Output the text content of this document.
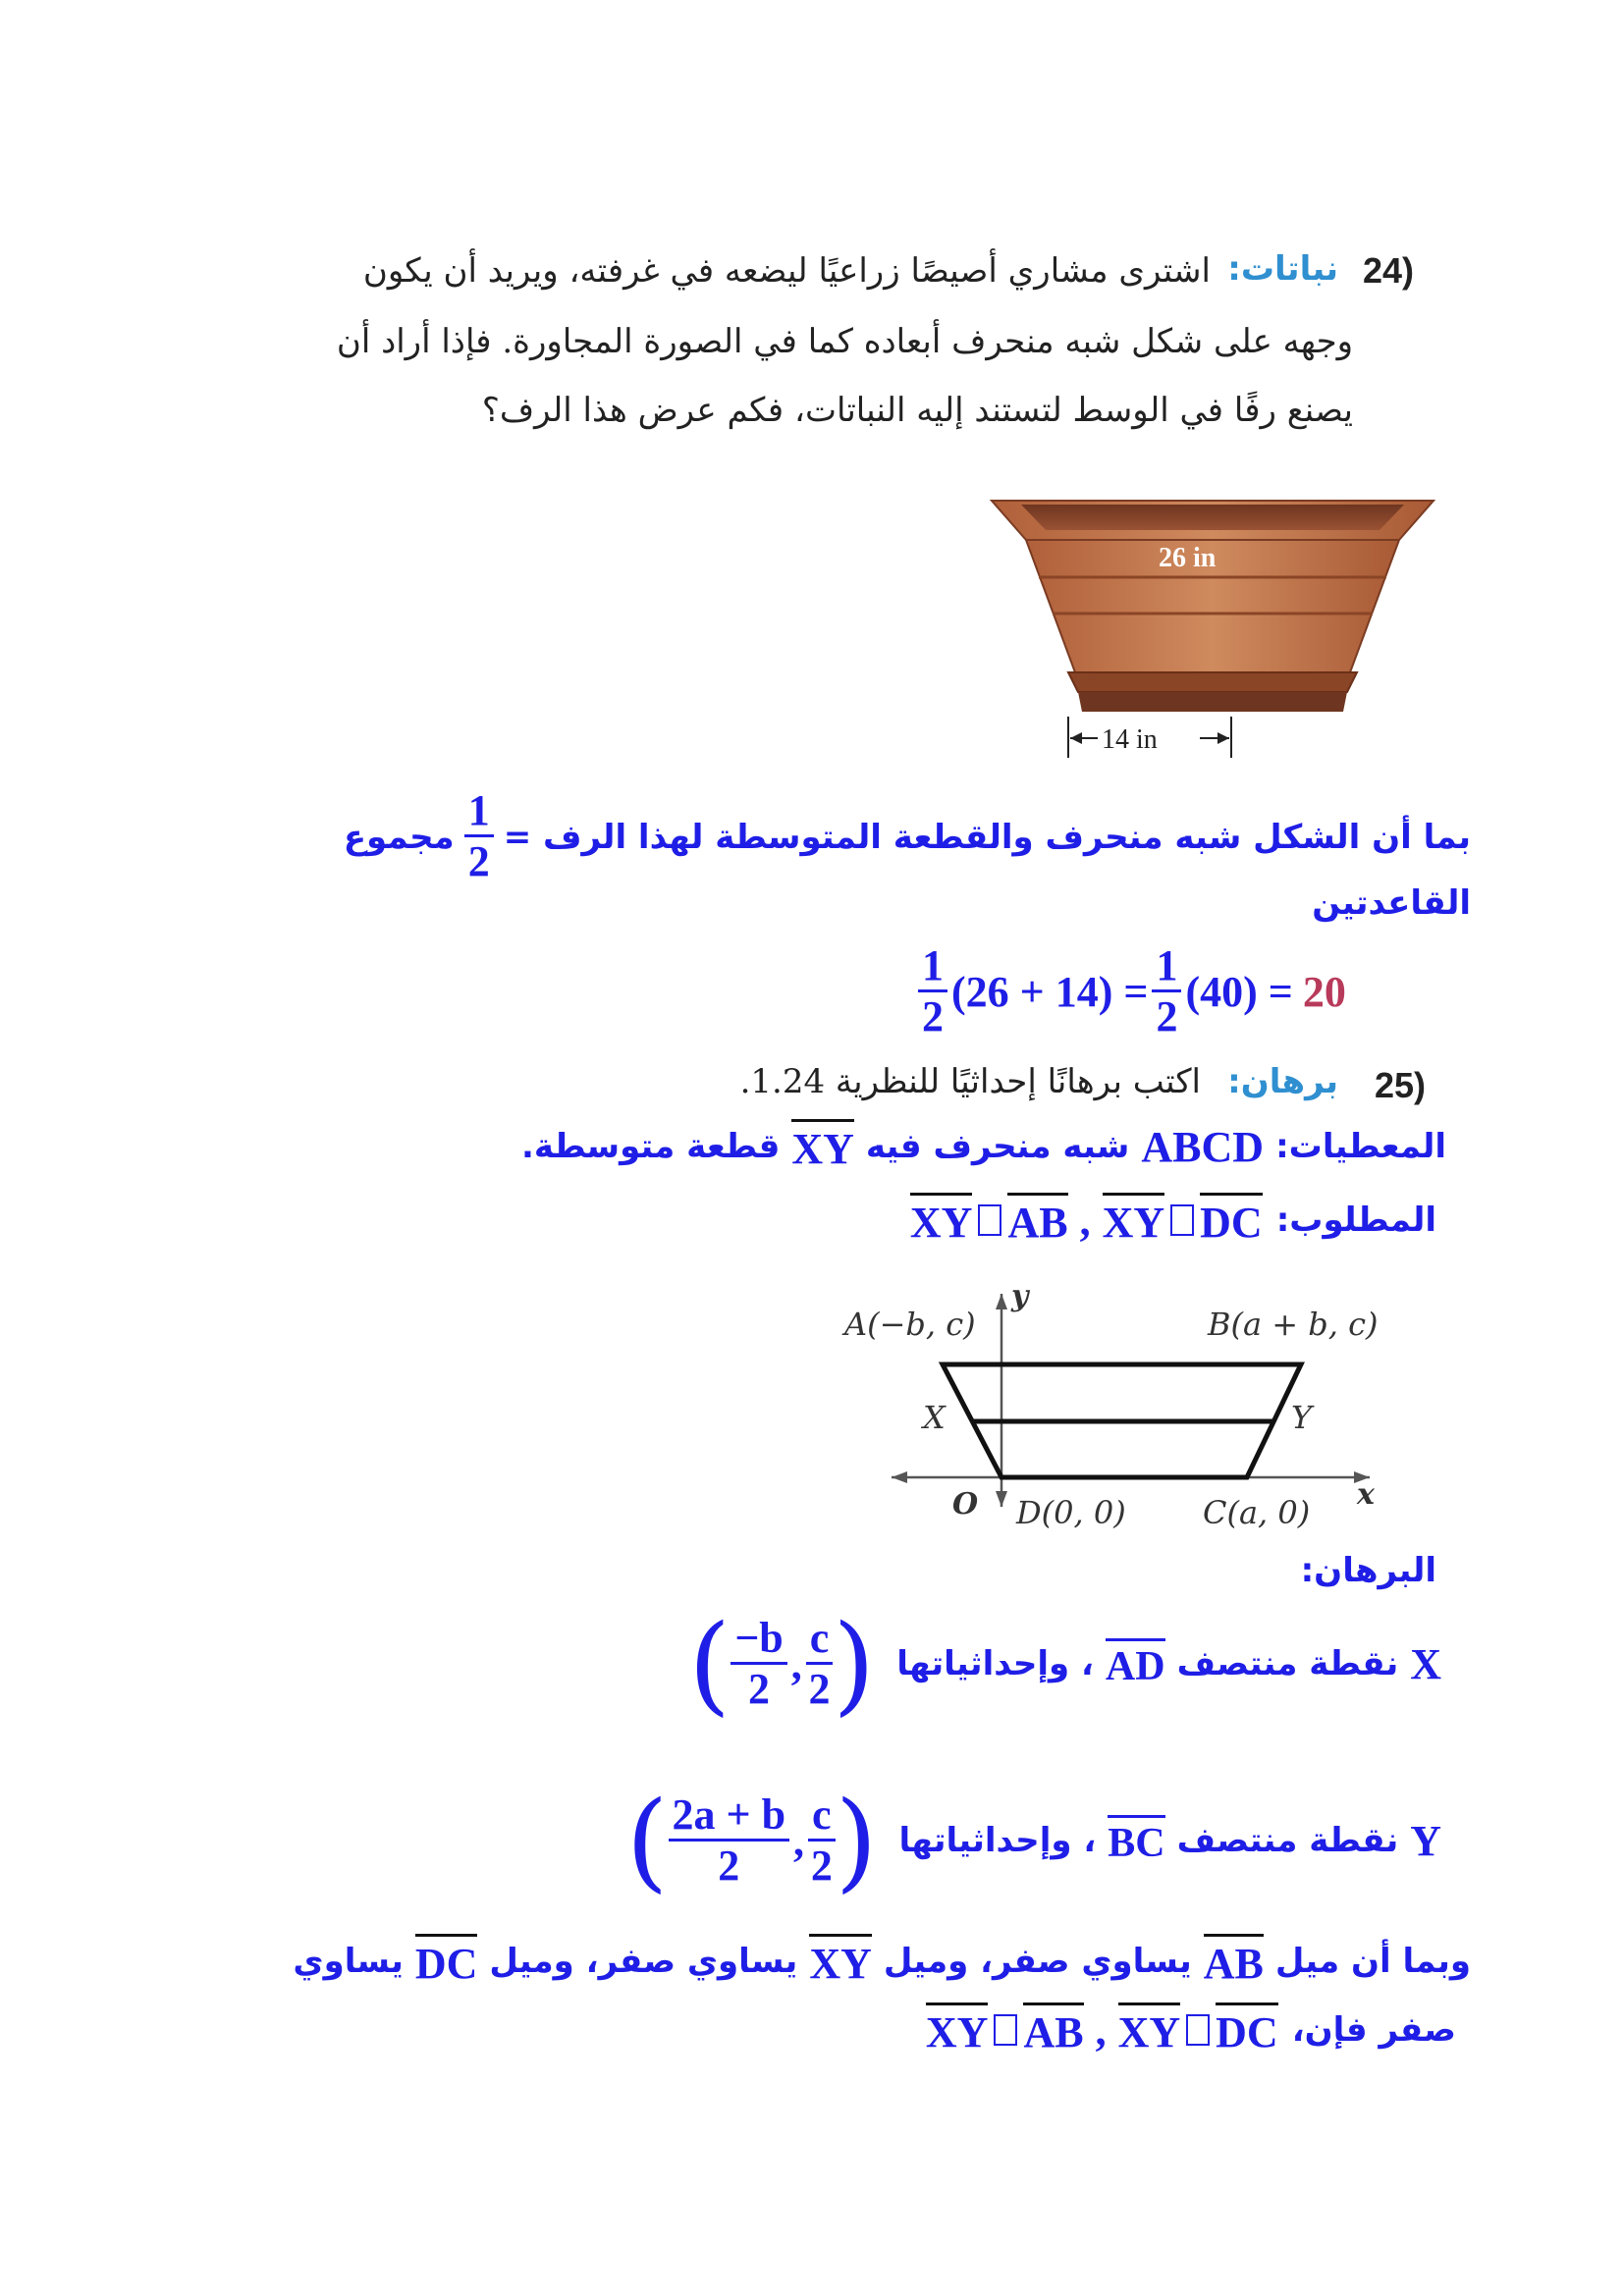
24)
نباتات:
اشترى مشاري أصيصًا زراعيًا ليضعه في غرفته، ويريد أن يكون
وجهه على شكل شبه منحرف أبعاده كما في الصورة المجاورة. فإذا أراد أن
يصنع رفًا في الوسط لتستند إليه النباتات، فكم عرض هذا الرف؟
26 in
14 in
بما أن الشكل شبه منحرف والقطعة المتوسطة لهذا الرف =
$\frac{1}{2}$
مجموع
القاعدتين
$\frac{1}{2} (26 + 14) = \frac{1}{2} (40) = 20$
25)
برهان:
اكتب برهانًا إحداثيًا للنظرية 1.24.
المعطيات:
ABCD
شبه منحرف فيه
XY
قطعة متوسطة.
المطلوب:
XY AB , XY DC
A(−b, c)	B(a + b, c)
y
X	Y
O D(0, 0) C(a, 0) x
البرهان:
X
نقطة منتصف
AD
، وإحداثياتها
( $\frac{-b}{2}$ , $\frac{c}{2}$ )
Y
نقطة منتصف
BC
، وإحداثياتها
( $\frac{2a + b}{2}$ , $\frac{c}{2}$ )
وبما أن ميل
AB
يساوي صفر، وميل
XY
يساوي صفر، وميل
DC
يساوي
صفر فإن،
XY AB , XY DC
